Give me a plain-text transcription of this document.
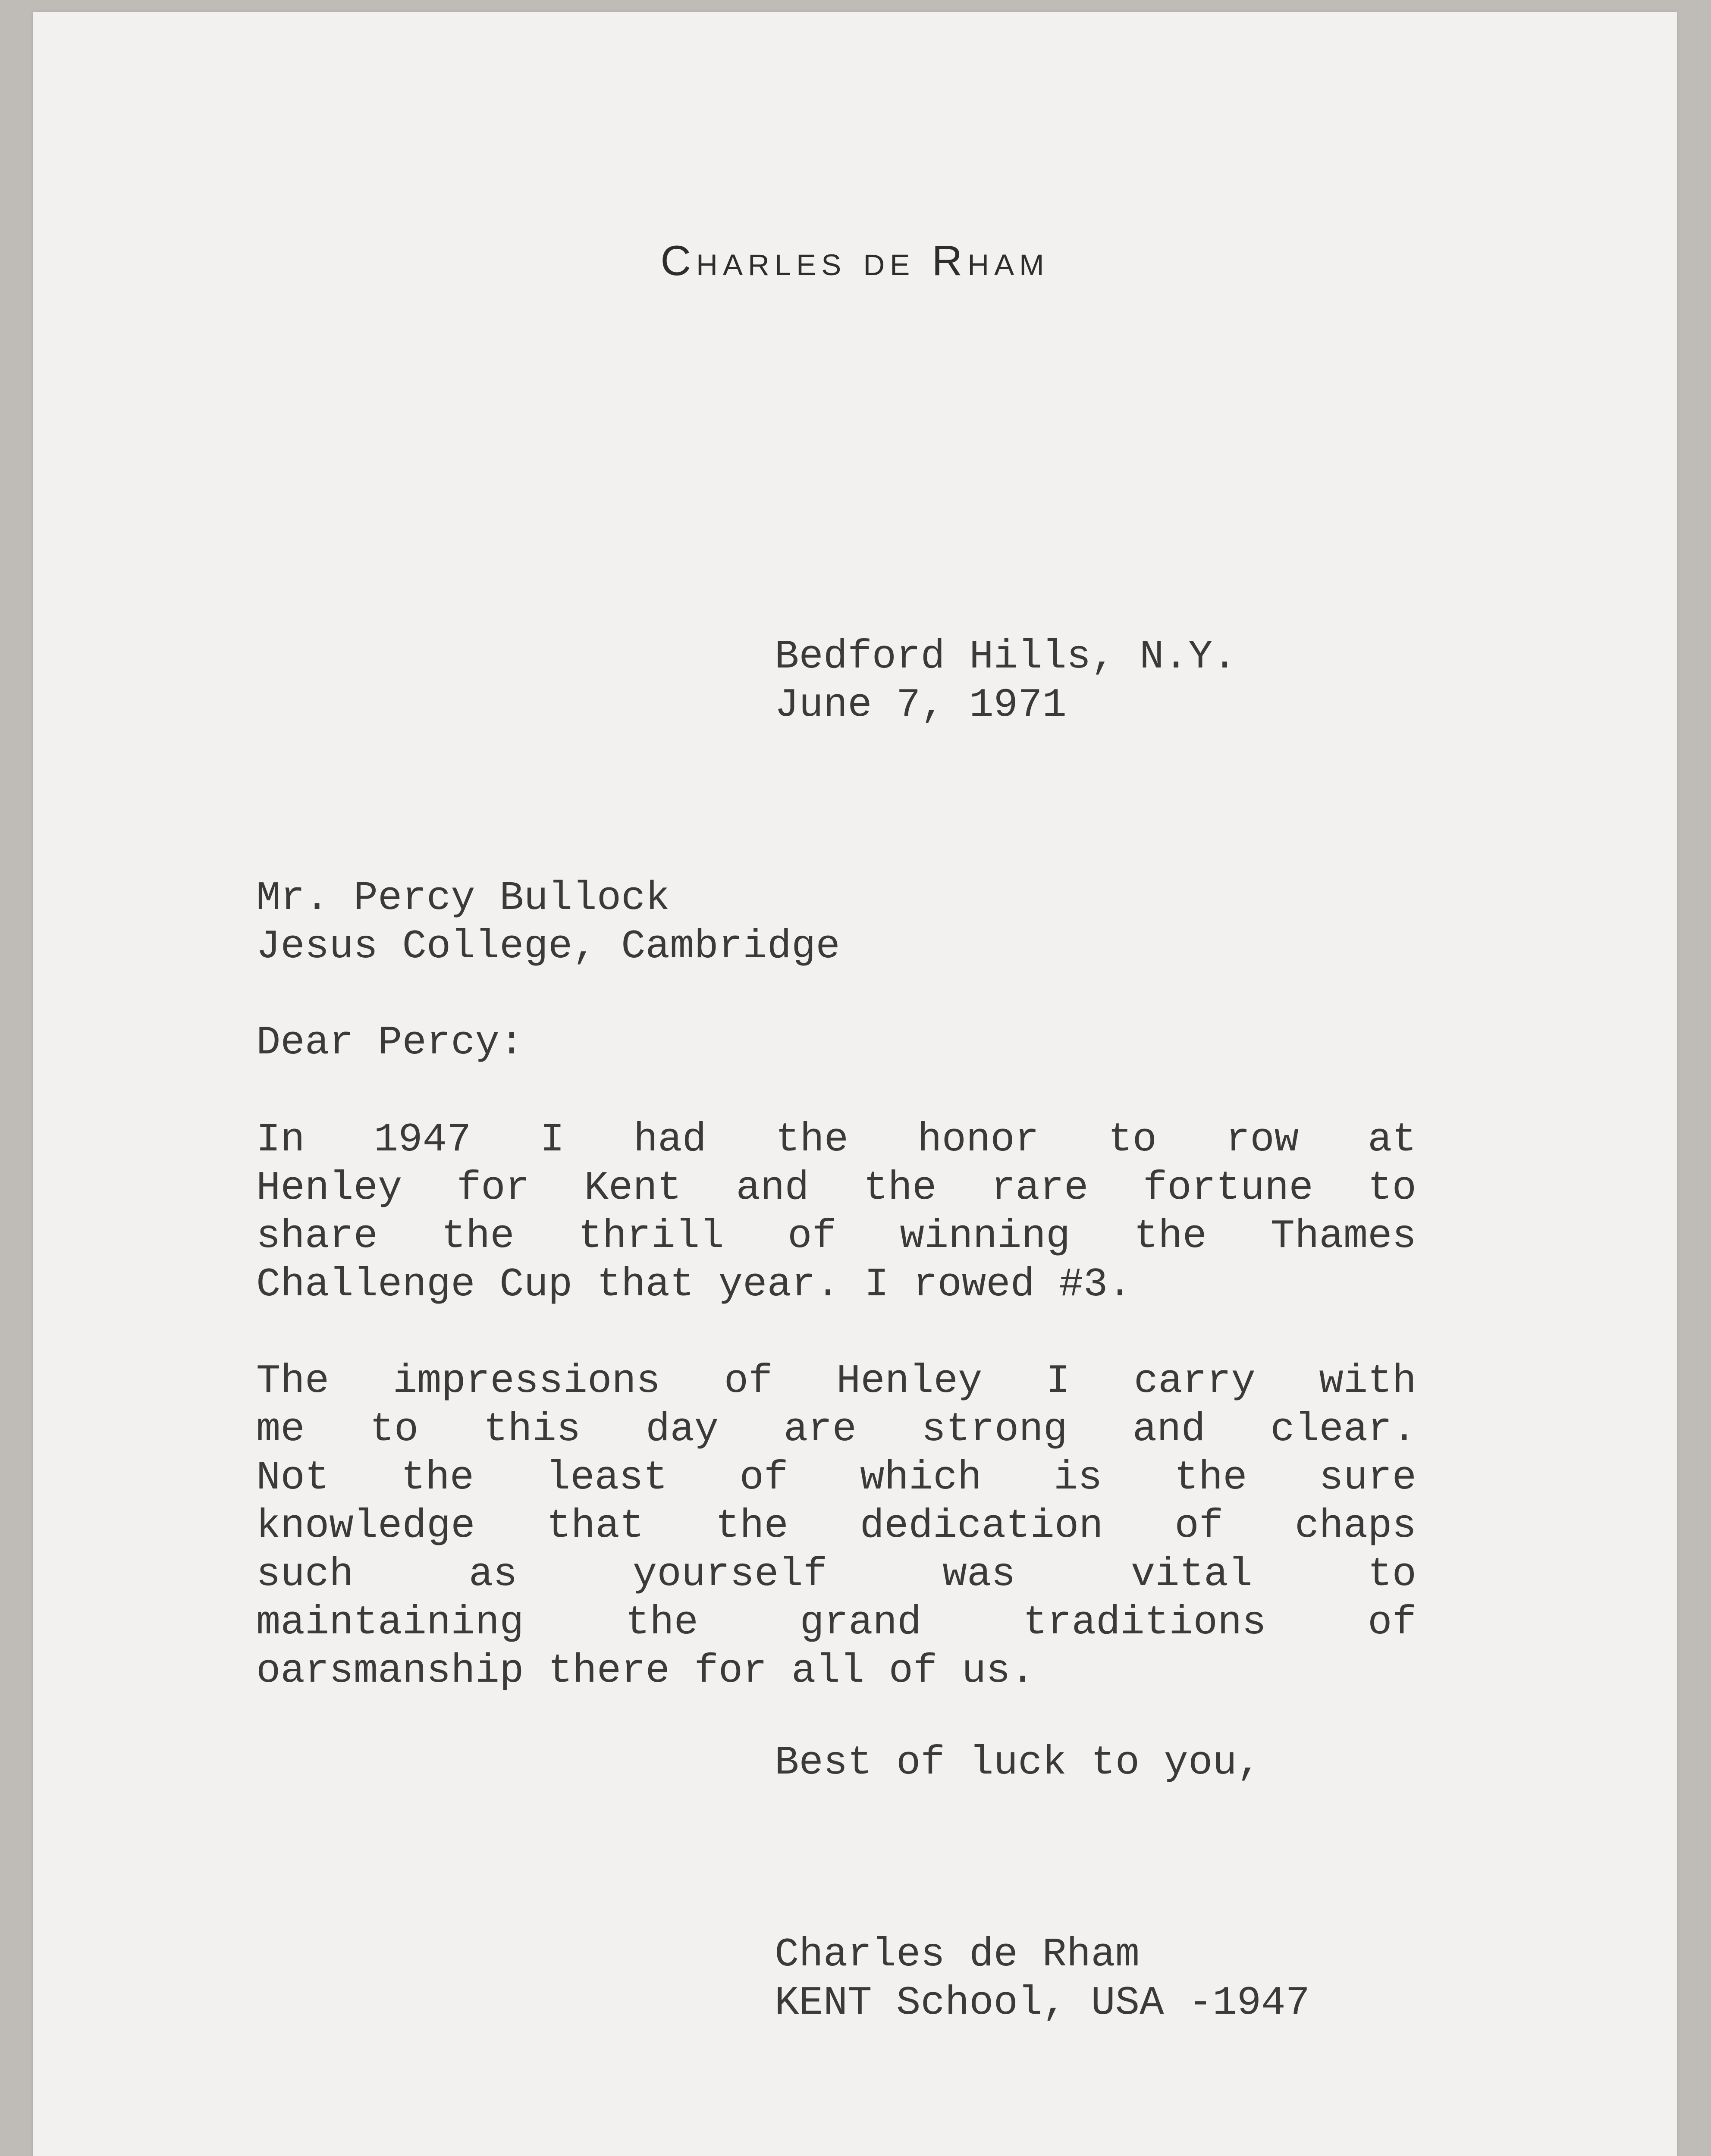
Charles de Rham
Bedford Hills, N.Y.
June 7, 1971
Mr. Percy Bullock
Jesus College, Cambridge
Dear Percy:
In 1947 I had the honor to row at
Henley for Kent and the rare fortune to
share the thrill of winning the Thames
Challenge Cup that year. I rowed #3.
The impressions of Henley I carry with
me to this day are strong and clear.
Not the least of which is the sure
knowledge that the dedication of chaps
such as yourself was vital to
maintaining the grand traditions of
oarsmanship there for all of us.
Best of luck to you,
Charles de Rham
KENT School, USA -1947
